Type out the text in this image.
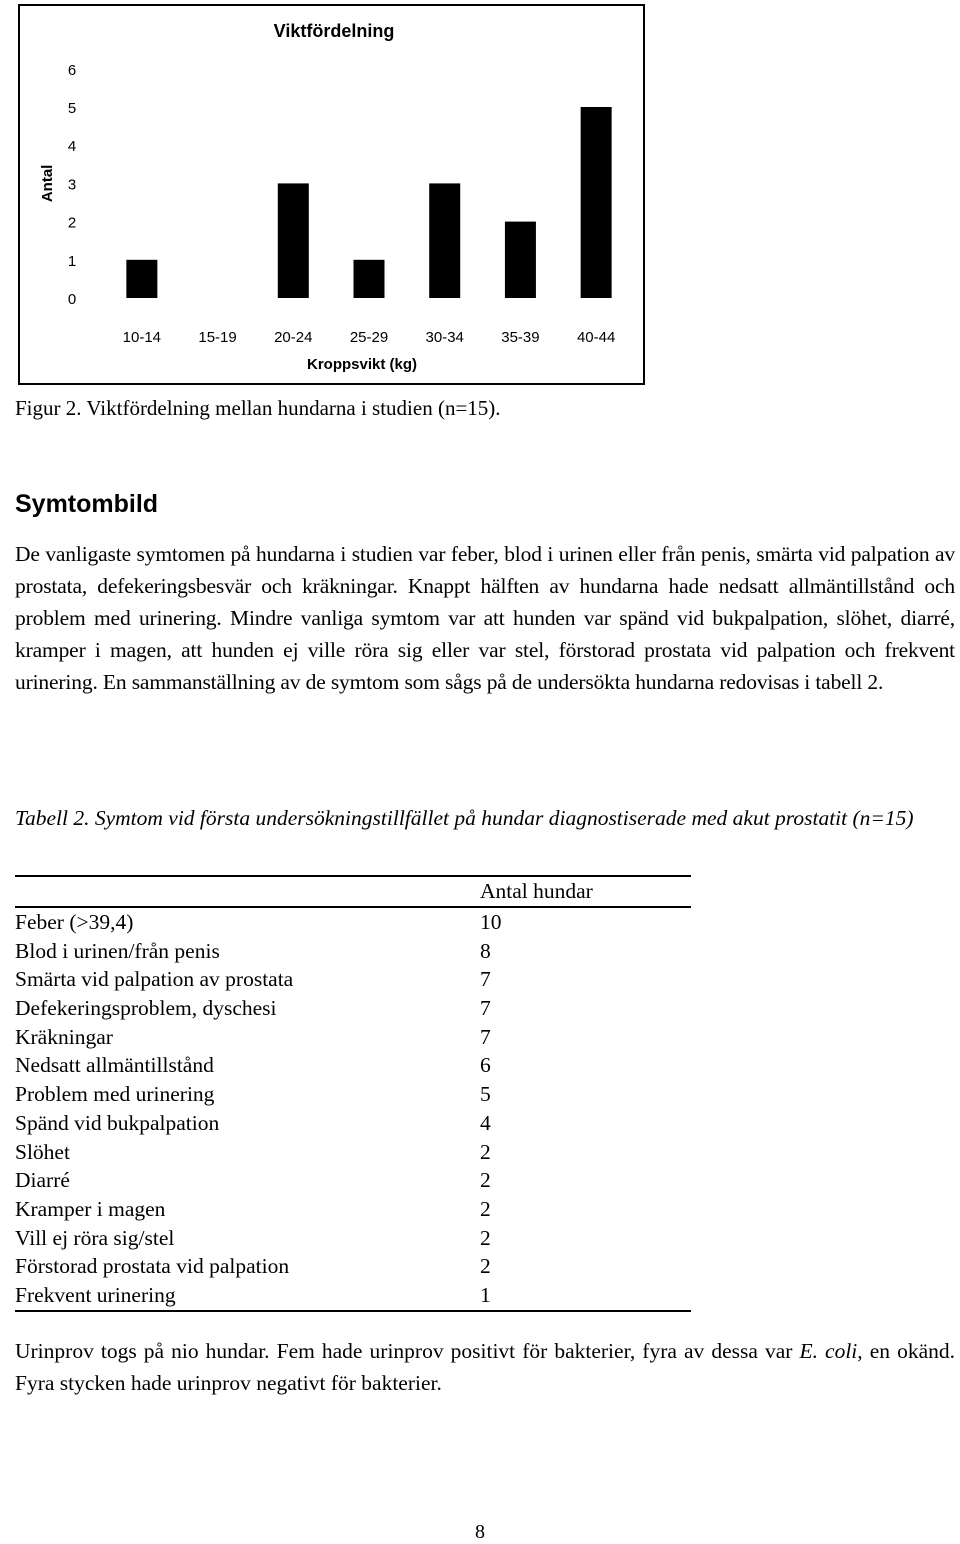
Viktfördelning
0
1
2
3
4
5
6
Antal
10-14 15-19 20-24 25-29 30-34 35-39 40-44
Kroppsvikt (kg)
Figur 2. Viktfördelning mellan hundarna i studien (n=15).
Symtombild

De vanligaste symtomen på hundarna i studien var feber, blod i urinen eller från penis, smärta vid palpation av prostata, defekeringsbesvär och kräkningar. Knappt hälften av hundarna hade nedsatt allmäntillstånd och problem med urinering. Mindre vanliga symtom var att hunden var spänd vid bukpalpation, slöhet, diarré, kramper i magen, att hunden ej ville röra sig eller var stel, förstorad prostata vid palpation och frekvent urinering. En sammanställning av de symtom som sågs på de undersökta hundarna redovisas i tabell 2.

Tabell 2. Symtom vid första undersökningstillfället på hundar diagnostiserade med akut prostatit (n=15)
Antal hundar
Feber (>39,4)	10
Blod i urinen/från penis	8
Smärta vid palpation av prostata	7
Defekeringsproblem, dyschesi	7
Kräkningar	7
Nedsatt allmäntillstånd	6
Problem med urinering	5
Spänd vid bukpalpation	4
Slöhet	2
Diarré	2
Kramper i magen	2
Vill ej röra sig/stel	2
Förstorad prostata vid palpation	2
Frekvent urinering	1

Urinprov togs på nio hundar. Fem hade urinprov positivt för bakterier, fyra av dessa var E. coli, en okänd. Fyra stycken hade urinprov negativt för bakterier.

8
